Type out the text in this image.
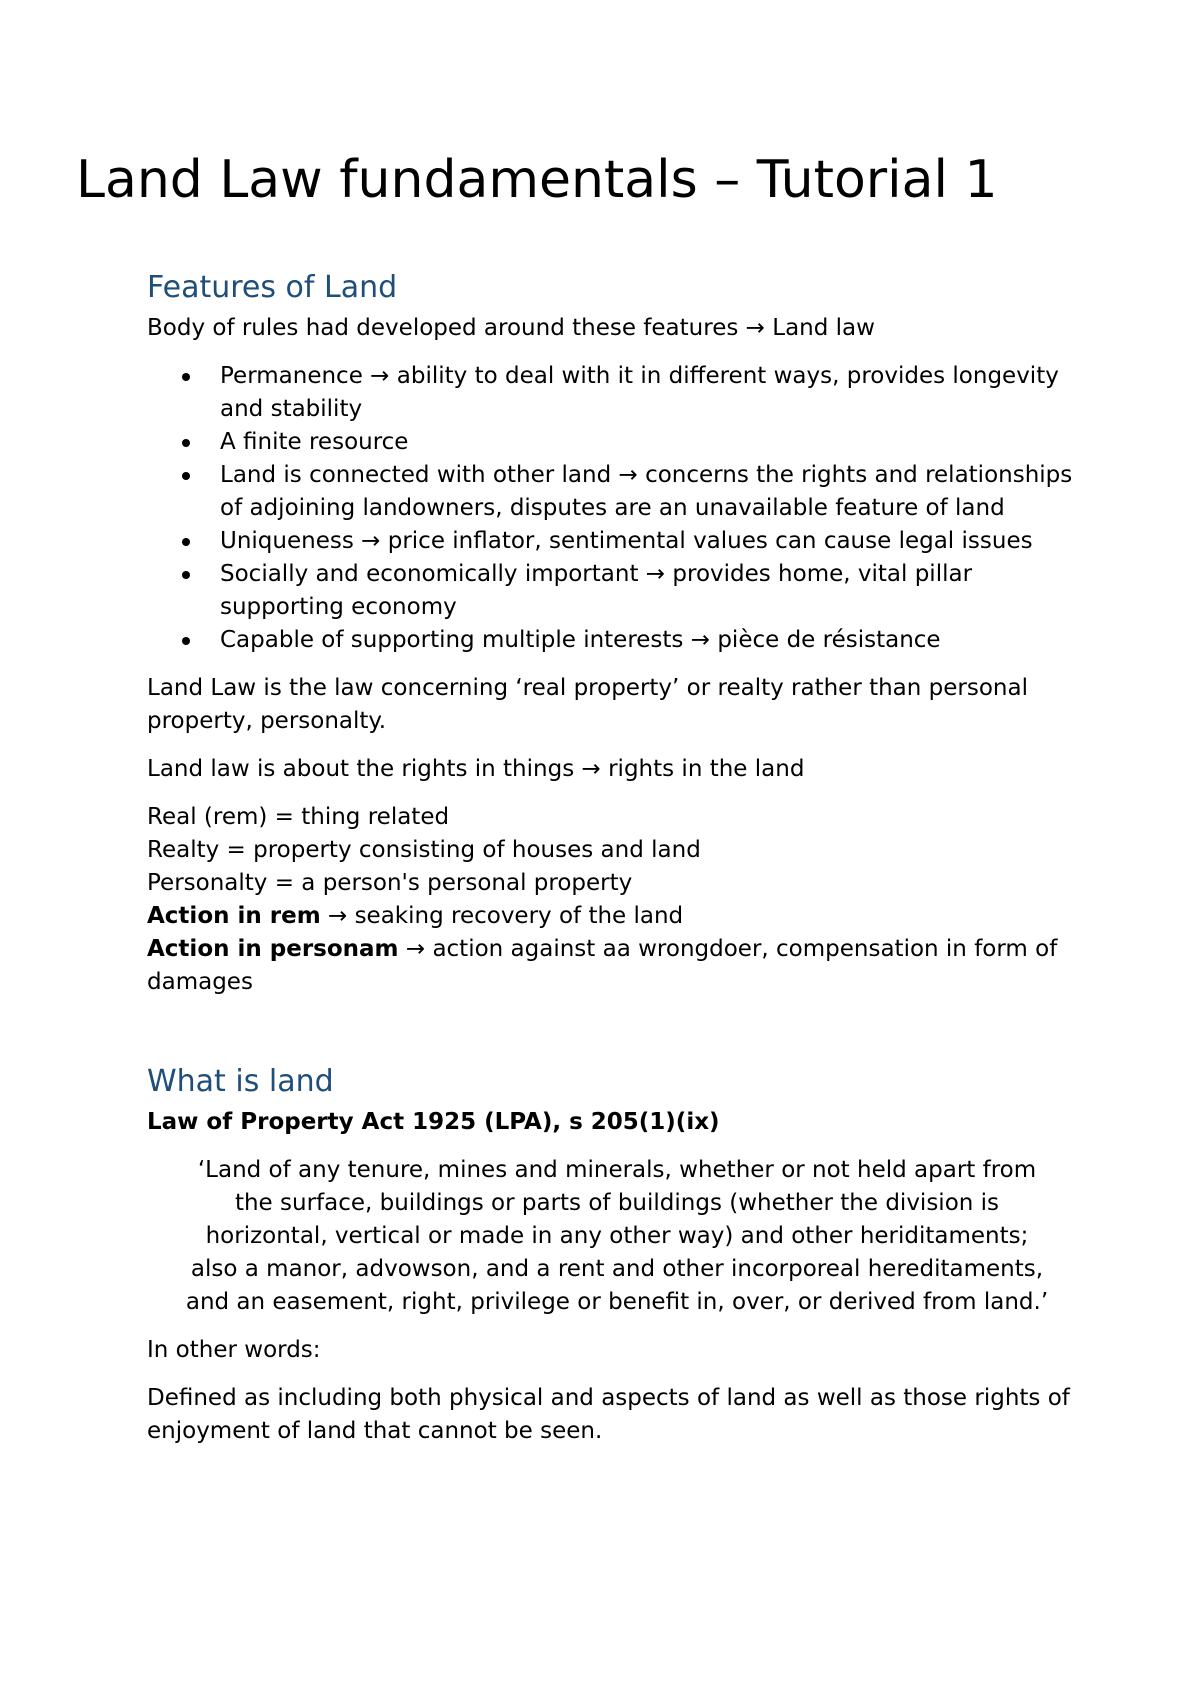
Land Law fundamentals – Tutorial 1
Features of Land

Body of rules had developed around these features → Land law

Permanence → ability to deal with it in different ways, provides longevity and stability
A finite resource
Land is connected with other land → concerns the rights and relationships of adjoining landowners, disputes are an unavailable feature of land
Uniqueness → price inflator, sentimental values can cause legal issues
Socially and economically important → provides home, vital pillar supporting economy
Capable of supporting multiple interests → pièce de résistance

Land Law is the law concerning ‘real property’ or realty rather than personal property, personalty.

Land law is about the rights in things → rights in the land

Real (rem) = thing related
Realty = property consisting of houses and land
Personalty = a person's personal property
Action in rem → seaking recovery of the land
Action in personam → action against aa wrongdoer, compensation in form of damages
What is land

Law of Property Act 1925 (LPA), s 205(1)(ix)

‘Land of any tenure, mines and minerals, whether or not held apart from
the surface, buildings or parts of buildings (whether the division is
horizontal, vertical or made in any other way) and other heriditaments;
also a manor, advowson, and a rent and other incorporeal hereditaments,
and an easement, right, privilege or benefit in, over, or derived from land.’

In other words:

Defined as including both physical and aspects of land as well as those rights of enjoyment of land that cannot be seen.
